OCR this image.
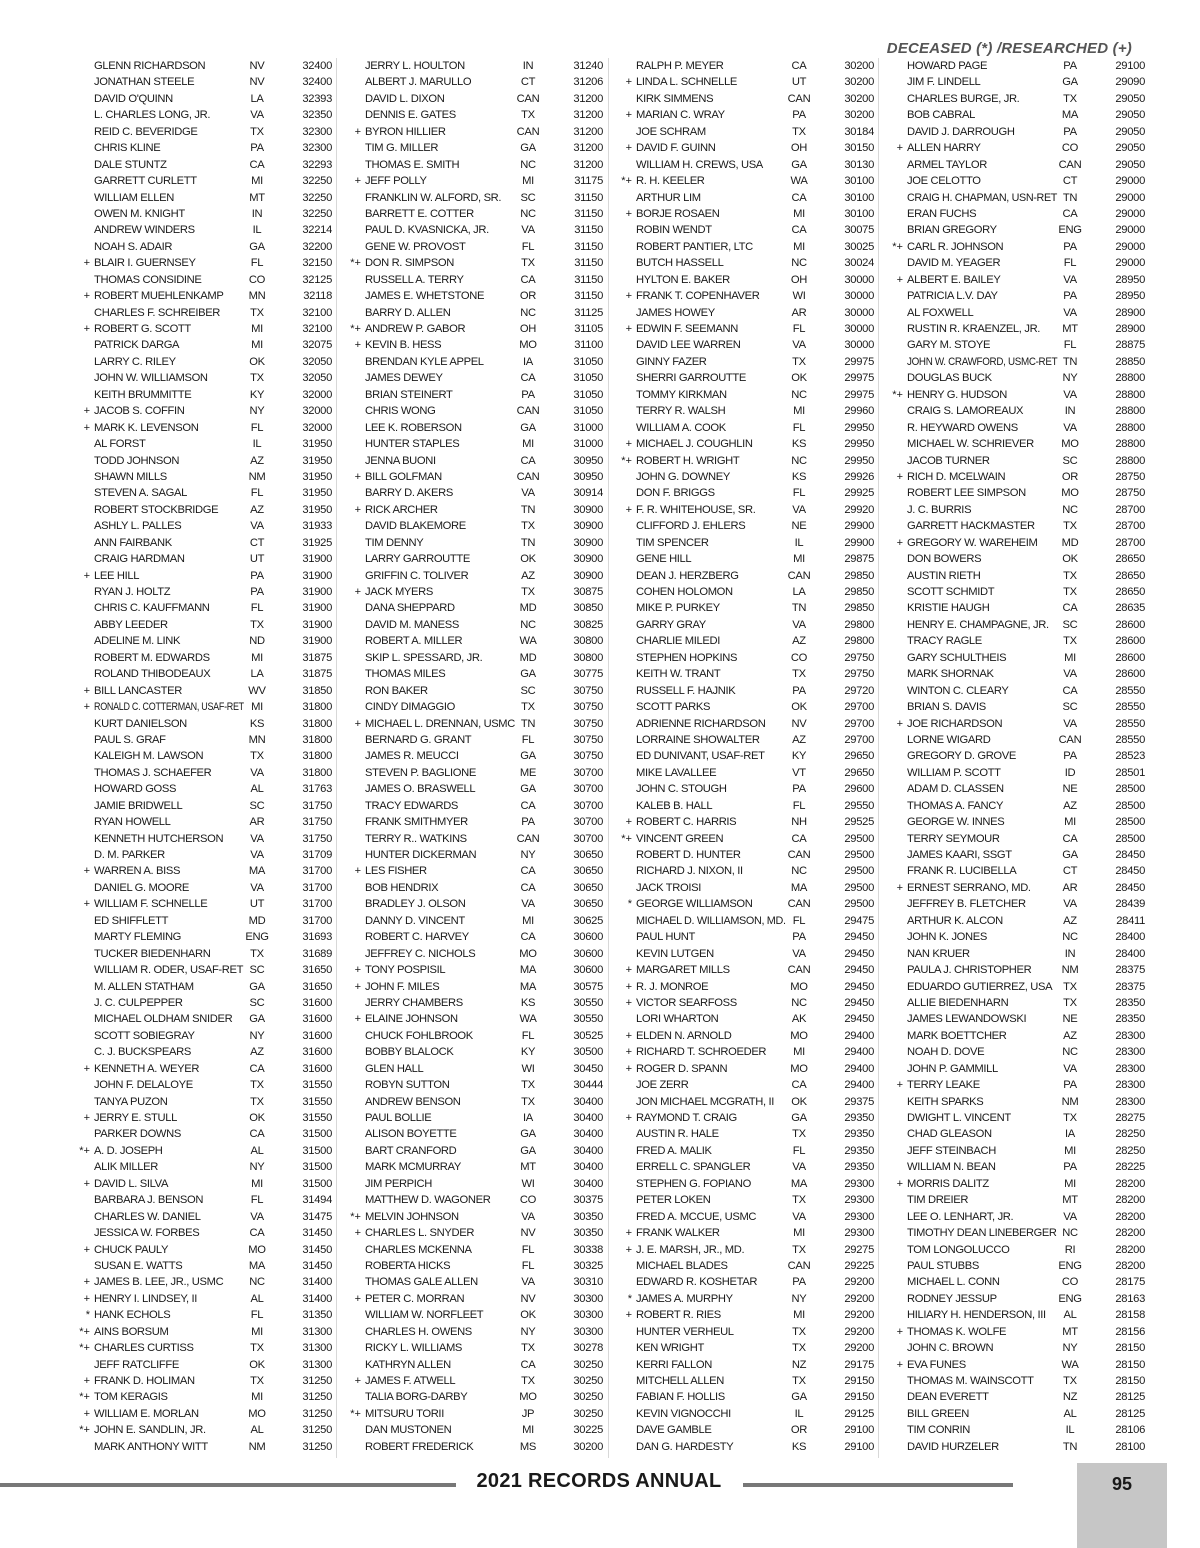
DECEASED (*) /RESEARCHED (+)
GLENN RICHARDSON	NV	32400
JONATHAN STEELE	NV	32400
DAVID O'QUINN	LA	32393
L. CHARLES LONG, JR.	VA	32350
REID C. BEVERIDGE	TX	32300
CHRIS KLINE	PA	32300
DALE STUNTZ	CA	32293
GARRETT CURLETT	MI	32250
WILLIAM ELLEN	MT	32250
OWEN M. KNIGHT	IN	32250
ANDREW WINDERS	IL	32214
NOAH S. ADAIR	GA	32200
+ BLAIR I. GUERNSEY	FL	32150
THOMAS CONSIDINE	CO	32125
+ ROBERT MUEHLENKAMP	MN	32118
CHARLES F. SCHREIBER	TX	32100
+ ROBERT G. SCOTT	MI	32100
PATRICK DARGA	MI	32075
LARRY C. RILEY	OK	32050
JOHN W. WILLIAMSON	TX	32050
KEITH BRUMMITTE	KY	32000
+ JACOB S. COFFIN	NY	32000
+ MARK K. LEVENSON	FL	32000
AL FORST	IL	31950
TODD JOHNSON	AZ	31950
SHAWN MILLS	NM	31950
STEVEN A. SAGAL	FL	31950
ROBERT STOCKBRIDGE	AZ	31950
ASHLY L. PALLES	VA	31933
ANN FAIRBANK	CT	31925
CRAIG HARDMAN	UT	31900
+ LEE HILL	PA	31900
RYAN J. HOLTZ	PA	31900
CHRIS C. KAUFFMANN	FL	31900
ABBY LEEDER	TX	31900
ADELINE M. LINK	ND	31900
ROBERT M. EDWARDS	MI	31875
ROLAND THIBODEAUX	LA	31875
+ BILL LANCASTER	WV	31850
+ RONALD C. COTTERMAN, USAF-RET MI	31800
KURT DANIELSON	KS	31800
PAUL S. GRAF	MN	31800
KALEIGH M. LAWSON	TX	31800
THOMAS J. SCHAEFER	VA	31800
HOWARD GOSS	AL	31763
JAMIE BRIDWELL	SC	31750
RYAN HOWELL	AR	31750
KENNETH HUTCHERSON	VA	31750
D. M. PARKER	VA	31709
+ WARREN A. BISS	MA	31700
DANIEL G. MOORE	VA	31700
+ WILLIAM F. SCHNELLE	UT	31700
ED SHIFFLETT	MD	31700
MARTY FLEMING	ENG	31693
TUCKER BIEDENHARN	TX	31689
WILLIAM R. ODER, USAF-RET SC	31650
M. ALLEN STATHAM	GA	31650
J. C. CULPEPPER	SC	31600
MICHAEL OLDHAM SNIDER	GA	31600
SCOTT SOBIEGRAY	NY	31600
C. J. BUCKSPEARS	AZ	31600
+ KENNETH A. WEYER	CA	31600
JOHN F. DELALOYE	TX	31550
TANYA PUZON	TX	31550
+ JERRY E. STULL	OK	31550
PARKER DOWNS	CA	31500
*+ A. D. JOSEPH	AL	31500
ALIK MILLER	NY	31500
+ DAVID L. SILVA	MI	31500
BARBARA J. BENSON	FL	31494
CHARLES W. DANIEL	VA	31475
JESSICA W. FORBES	CA	31450
+ CHUCK PAULY	MO	31450
SUSAN E. WATTS	MA	31450
+ JAMES B. LEE, JR., USMC	NC	31400
+ HENRY I. LINDSEY, II	AL	31400
* HANK ECHOLS	FL	31350
*+ AINS BORSUM	MI	31300
*+ CHARLES CURTISS	TX	31300
JEFF RATCLIFFE	OK	31300
+ FRANK D. HOLIMAN	TX	31250
*+ TOM KERAGIS	MI	31250
+ WILLIAM E. MORLAN	MO	31250
*+ JOHN E. SANDLIN, JR.	AL	31250
MARK ANTHONY WITT	NM	31250
JERRY L. HOULTON	IN	31240
ALBERT J. MARULLO	CT	31206
DAVID L. DIXON	CAN	31200
DENNIS E. GATES	TX	31200
+ BYRON HILLIER	CAN	31200
TIM G. MILLER	GA	31200
THOMAS E. SMITH	NC	31200
+ JEFF POLLY	MI	31175
FRANKLIN W. ALFORD, SR.	SC	31150
BARRETT E. COTTER	NC	31150
PAUL D. KVASNICKA, JR.	VA	31150
GENE W. PROVOST	FL	31150
*+ DON R. SIMPSON	TX	31150
RUSSELL A. TERRY	CA	31150
JAMES E. WHETSTONE	OR	31150
BARRY D. ALLEN	NC	31125
*+ ANDREW P. GABOR	OH	31105
+ KEVIN B. HESS	MO	31100
BRENDAN KYLE APPEL	IA	31050
JAMES DEWEY	CA	31050
BRIAN STEINERT	PA	31050
CHRIS WONG	CAN	31050
LEE K. ROBERSON	GA	31000
HUNTER STAPLES	MI	31000
JENNA BUONI	CA	30950
+ BILL GOLFMAN	CAN	30950
BARRY D. AKERS	VA	30914
+ RICK ARCHER	TN	30900
DAVID BLAKEMORE	TX	30900
TIM DENNY	TN	30900
LARRY GARROUTTE	OK	30900
GRIFFIN C. TOLIVER	AZ	30900
+ JACK MYERS	TX	30875
DANA SHEPPARD	MD	30850
DAVID M. MANESS	NC	30825
ROBERT A. MILLER	WA	30800
SKIP L. SPESSARD, JR.	MD	30800
THOMAS MILES	GA	30775
RON BAKER	SC	30750
CINDY DIMAGGIO	TX	30750
+ MICHAEL L. DRENNAN, USMC TN	30750
BERNARD G. GRANT	FL	30750
JAMES R. MEUCCI	GA	30750
STEVEN P. BAGLIONE	ME	30700
JAMES O. BRASWELL	GA	30700
TRACY EDWARDS	CA	30700
FRANK SMITHMYER	PA	30700
TERRY R.. WATKINS	CAN	30700
HUNTER DICKERMAN	NY	30650
+ LES FISHER	CA	30650
BOB HENDRIX	CA	30650
BRADLEY J. OLSON	VA	30650
DANNY D. VINCENT	MI	30625
ROBERT C. HARVEY	CA	30600
JEFFREY C. NICHOLS	MO	30600
+ TONY POSPISIL	MA	30600
+ JOHN F. MILES	MA	30575
JERRY CHAMBERS	KS	30550
+ ELAINE JOHNSON	WA	30550
CHUCK FOHLBROOK	FL	30525
BOBBY BLALOCK	KY	30500
GLEN HALL	WI	30450
ROBYN SUTTON	TX	30444
ANDREW BENSON	TX	30400
PAUL BOLLIE	IA	30400
ALISON BOYETTE	GA	30400
BART CRANFORD	GA	30400
MARK MCMURRAY	MT	30400
JIM PERPICH	WI	30400
MATTHEW D. WAGONER	CO	30375
*+ MELVIN JOHNSON	VA	30350
+ CHARLES L. SNYDER	NV	30350
CHARLES MCKENNA	FL	30338
ROBERTA HICKS	FL	30325
THOMAS GALE ALLEN	VA	30310
+ PETER C. MORRAN	NV	30300
WILLIAM W. NORFLEET	OK	30300
CHARLES H. OWENS	NY	30300
RICKY L. WILLIAMS	TX	30278
KATHRYN ALLEN	CA	30250
+ JAMES F. ATWELL	TX	30250
TALIA BORG-DARBY	MO	30250
*+ MITSURU TORII	JP	30250
DAN MUSTONEN	MI	30225
ROBERT FREDERICK	MS	30200
RALPH P. MEYER	CA	30200
+ LINDA L. SCHNELLE	UT	30200
KIRK SIMMENS	CAN	30200
+ MARIAN C. WRAY	PA	30200
JOE SCHRAM	TX	30184
+ DAVID F. GUINN	OH	30150
WILLIAM H. CREWS, USA	GA	30130
*+ R. H. KEELER	WA	30100
ARTHUR LIM	CA	30100
+ BORJE ROSAEN	MI	30100
ROBIN WENDT	CA	30075
ROBERT PANTIER, LTC	MI	30025
BUTCH HASSELL	NC	30024
HYLTON E. BAKER	OH	30000
+ FRANK T. COPENHAVER	WI	30000
JAMES HOWEY	AR	30000
+ EDWIN F. SEEMANN	FL	30000
DAVID LEE WARREN	VA	30000
GINNY FAZER	TX	29975
SHERRI GARROUTTE	OK	29975
TOMMY KIRKMAN	NC	29975
TERRY R. WALSH	MI	29960
WILLIAM A. COOK	FL	29950
+ MICHAEL J. COUGHLIN	KS	29950
*+ ROBERT H. WRIGHT	NC	29950
JOHN G. DOWNEY	KS	29926
DON F. BRIGGS	FL	29925
+ F. R. WHITEHOUSE, SR.	VA	29920
CLIFFORD J. EHLERS	NE	29900
TIM SPENCER	IL	29900
GENE HILL	MI	29875
DEAN J. HERZBERG	CAN	29850
COHEN HOLOMON	LA	29850
MIKE P. PURKEY	TN	29850
GARRY GRAY	VA	29800
CHARLIE MILEDI	AZ	29800
STEPHEN HOPKINS	CO	29750
KEITH W. TRANT	TX	29750
RUSSELL F. HAJNIK	PA	29720
SCOTT PARKS	OK	29700
ADRIENNE RICHARDSON	NV	29700
LORRAINE SHOWALTER	AZ	29700
ED DUNIVANT, USAF-RET	KY	29650
MIKE LAVALLEE	VT	29650
JOHN C. STOUGH	PA	29600
KALEB B. HALL	FL	29550
+ ROBERT C. HARRIS	NH	29525
*+ VINCENT GREEN	CA	29500
ROBERT D. HUNTER	CAN	29500
RICHARD J. NIXON, II	NC	29500
JACK TROISI	MA	29500
* GEORGE WILLIAMSON	CAN	29500
MICHAEL D. WILLIAMSON, MD. FL	29475
PAUL HUNT	PA	29450
KEVIN LUTGEN	VA	29450
+ MARGARET MILLS	CAN	29450
+ R. J. MONROE	MO	29450
+ VICTOR SEARFOSS	NC	29450
LORI WHARTON	AK	29450
+ ELDEN N. ARNOLD	MO	29400
+ RICHARD T. SCHROEDER	MI	29400
+ ROGER D. SPANN	MO	29400
JOE ZERR	CA	29400
JON MICHAEL MCGRATH, II	OK	29375
+ RAYMOND T. CRAIG	GA	29350
AUSTIN R. HALE	TX	29350
FRED A. MALIK	FL	29350
ERRELL C. SPANGLER	VA	29350
STEPHEN G. FOPIANO	MA	29300
PETER LOKEN	TX	29300
FRED A. MCCUE, USMC	VA	29300
+ FRANK WALKER	MI	29300
+ J. E. MARSH, JR., MD.	TX	29275
MICHAEL BLADES	CAN	29225
EDWARD R. KOSHETAR	PA	29200
* JAMES A. MURPHY	NY	29200
+ ROBERT R. RIES	MI	29200
HUNTER VERHEUL	TX	29200
KEN WRIGHT	TX	29200
KERRI FALLON	NZ	29175
MITCHELL ALLEN	TX	29150
FABIAN F. HOLLIS	GA	29150
KEVIN VIGNOCCHI	IL	29125
DAVE GAMBLE	OR	29100
DAN G. HARDESTY	KS	29100
HOWARD PAGE	PA	29100
JIM F. LINDELL	GA	29090
CHARLES BURGE, JR.	TX	29050
BOB CABRAL	MA	29050
DAVID J. DARROUGH	PA	29050
+ ALLEN HARRY	CO	29050
ARMEL TAYLOR	CAN	29050
JOE CELOTTO	CT	29000
CRAIG H. CHAPMAN, USN-RET TN	29000
ERAN FUCHS	CA	29000
BRIAN GREGORY	ENG	29000
*+ CARL R. JOHNSON	PA	29000
DAVID M. YEAGER	FL	29000
+ ALBERT E. BAILEY	VA	28950
PATRICIA L.V. DAY	PA	28950
AL FOXWELL	VA	28900
RUSTIN R. KRAENZEL, JR.	MT	28900
GARY M. STOYE	FL	28875
JOHN W. CRAWFORD, USMC-RET TN	28850
DOUGLAS BUCK	NY	28800
*+ HENRY G. HUDSON	VA	28800
CRAIG S. LAMOREAUX	IN	28800
R. HEYWARD OWENS	VA	28800
MICHAEL W. SCHRIEVER	MO	28800
JACOB TURNER	SC	28800
+ RICH D. MCELWAIN	OR	28750
ROBERT LEE SIMPSON	MO	28750
J. C. BURRIS	NC	28700
GARRETT HACKMASTER	TX	28700
+ GREGORY W. WAREHEIM	MD	28700
DON BOWERS	OK	28650
AUSTIN RIETH	TX	28650
SCOTT SCHMIDT	TX	28650
KRISTIE HAUGH	CA	28635
HENRY E. CHAMPAGNE, JR.	SC	28600
TRACY RAGLE	TX	28600
GARY SCHULTHEIS	MI	28600
MARK SHORNAK	VA	28600
WINTON C. CLEARY	CA	28550
BRIAN S. DAVIS	SC	28550
+ JOE RICHARDSON	VA	28550
LORNE WIGARD	CAN	28550
GREGORY D. GROVE	PA	28523
WILLIAM P. SCOTT	ID	28501
ADAM D. CLASSEN	NE	28500
THOMAS A. FANCY	AZ	28500
GEORGE W. INNES	MI	28500
TERRY SEYMOUR	CA	28500
JAMES KAARI, SSGT	GA	28450
FRANK R. LUCIBELLA	CT	28450
+ ERNEST SERRANO, MD.	AR	28450
JEFFREY B. FLETCHER	VA	28439
ARTHUR K. ALCON	AZ	28411
JOHN K. JONES	NC	28400
NAN KRUER	IN	28400
PAULA J. CHRISTOPHER	NM	28375
EDUARDO GUTIERREZ, USA TX	28375
ALLIE BIEDENHARN	TX	28350
JAMES LEWANDOWSKI	NE	28350
MARK BOETTCHER	AZ	28300
NOAH D. DOVE	NC	28300
JOHN P. GAMMILL	VA	28300
+ TERRY LEAKE	PA	28300
KEITH SPARKS	NM	28300
DWIGHT L. VINCENT	TX	28275
CHAD GLEASON	IA	28250
JEFF STEINBACH	MI	28250
WILLIAM N. BEAN	PA	28225
+ MORRIS DALITZ	MI	28200
TIM DREIER	MT	28200
LEE O. LENHART, JR.	VA	28200
TIMOTHY DEAN LINEBERGER NC	28200
TOM LONGOLUCCO	RI	28200
PAUL STUBBS	ENG	28200
MICHAEL L. CONN	CO	28175
RODNEY JESSUP	ENG	28163
HILIARY H. HENDERSON, III	AL	28158
+ THOMAS K. WOLFE	MT	28156
JOHN C. BROWN	NY	28150
+ EVA FUNES	WA	28150
THOMAS M. WAINSCOTT	TX	28150
DEAN EVERETT	NZ	28125
BILL GREEN	AL	28125
TIM CONRIN	IL	28106
DAVID HURZELER	TN	28100
2021 RECORDS ANNUAL	95
